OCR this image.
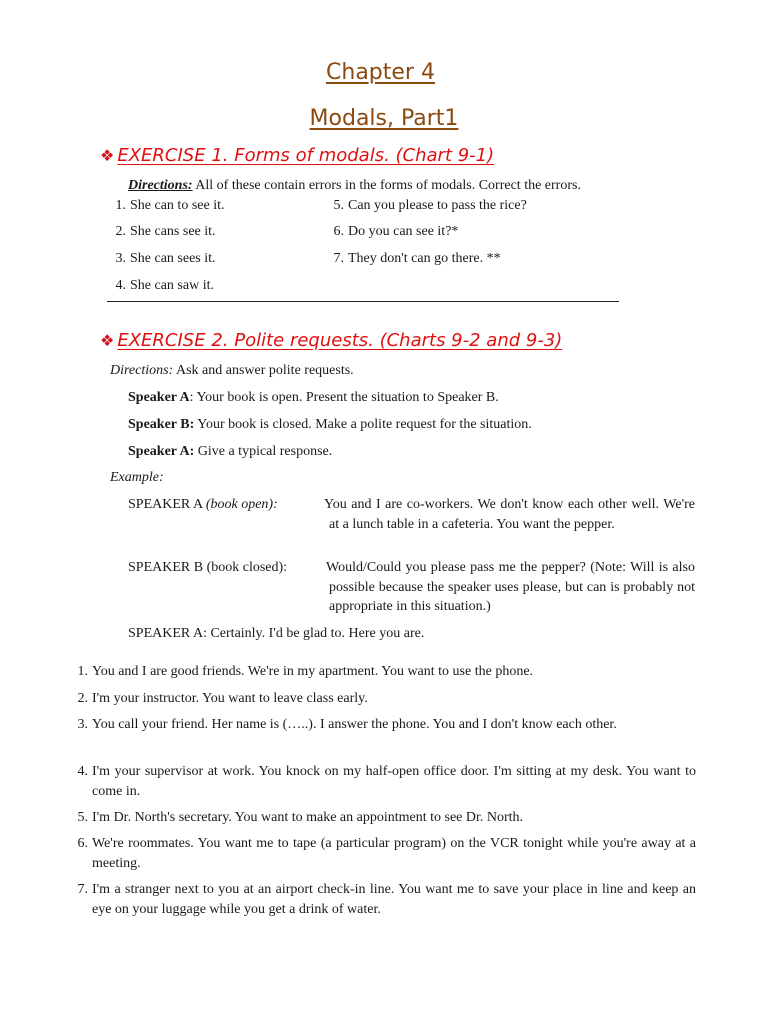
Chapter 4
Modals, Part1
❖ EXERCISE 1. Forms of modals. (Chart 9-1)
Directions: All of these contain errors in the forms of modals. Correct the errors.
1. She can to see it.
2. She cans see it.
3. She can sees it.
4. She can saw it.
5. Can you please to pass the rice?
6. Do you can see it?*
7. They don't can go there. **
❖ EXERCISE 2. Polite requests. (Charts 9-2 and 9-3)
Directions: Ask and answer polite requests.
Speaker A: Your book is open. Present the situation to Speaker B.
Speaker B: Your book is closed. Make a polite request for the situation.
Speaker A: Give a typical response.
Example:
SPEAKER A (book open):	You and I are co-workers. We don't know each other well. We're at a lunch table in a cafeteria. You want the pepper.
SPEAKER B (book closed):	Would/Could you please pass me the pepper? (Note: Will is also possible because the speaker uses please, but can is probably not appropriate in this situation.)
SPEAKER A: Certainly. I'd be glad to. Here you are.
1. You and I are good friends. We're in my apartment. You want to use the phone.
2. I'm your instructor. You want to leave class early.
3. You call your friend. Her name is (…..). I answer the phone. You and I don't know each other.
4. I'm your supervisor at work. You knock on my half-open office door. I'm sitting at my desk. You want to come in.
5. I'm Dr. North's secretary. You want to make an appointment to see Dr. North.
6. We're roommates. You want me to tape (a particular program) on the VCR tonight while you're away at a meeting.
7. I'm a stranger next to you at an airport check-in line. You want me to save your place in line and keep an eye on your luggage while you get a drink of water.
